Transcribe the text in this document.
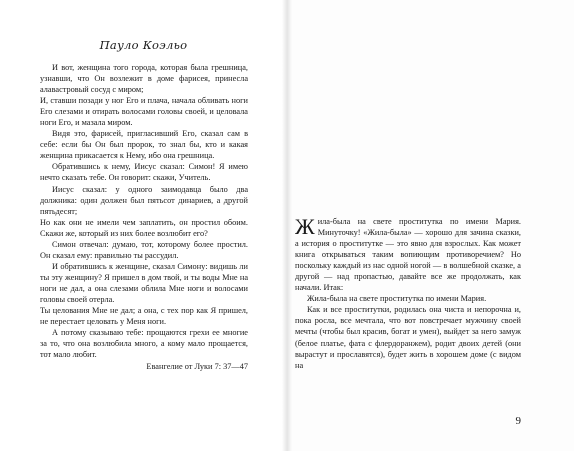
Пауло Коэльо

И вот, женщина того города, которая была грешница, узнавши, что Он возлежит в доме фарисея, принесла алавастровый сосуд с миром;

И, ставши позади у ног Его и плача, начала обливать ноги Его слезами и отирать волосами головы своей, и целовала ноги Его, и мазала миром.

Видя это, фарисей, пригласивший Его, сказал сам в себе: если бы Он был пророк, то знал бы, кто и какая женщина прикасается к Нему, ибо она грешница.

Обратившись к нему, Иисус сказал: Симон! Я имею нечто сказать тебе. Он говорит: скажи, Учитель.

Иисус сказал: у одного заимодавца было два должника: один должен был пятьсот динариев, а другой пятьдесят;

Но как они не имели чем заплатить, он простил обоим. Скажи же, который из них более возлюбит его?

Симон отвечал: думаю, тот, которому более простил. Он сказал ему: правильно ты рассудил.

И обратившись к женщине, сказал Симону: видишь ли ты эту женщину? Я пришел в дом твой, и ты воды Мне на ноги не дал, а она слезами облила Мне ноги и волосами головы своей отерла.

Ты целования Мне не дал; а она, с тех пор как Я пришел, не перестает целовать у Меня ноги.

А потому сказываю тебе: прощаются грехи ее многие за то, что она возлюбила много, а кому мало прощается, тот мало любит.

Евангелие от Луки 7: 37—47

Жила-была на свете проститутка по имени Мария. Минуточку! «Жила-была» — хорошо для зачина сказки, а история о проститутке — это явно для взрослых. Как может книга открываться таким вопиющим противоречием? Но поскольку каждый из нас одной ногой — в волшебной сказке, а другой — над пропастью, давайте все же продолжать, как начали. Итак:

Жила-была на свете проститутка по имени Мария.

Как и все проститутки, родилась она чиста и непорочна и, пока росла, все мечтала, что вот повстречает мужчину своей мечты (чтобы был красив, богат и умен), выйдет за него замуж (белое платье, фата с флердоранжем), родит двоих детей (они вырастут и прославятся), будет жить в хорошем доме (с видом на

9
